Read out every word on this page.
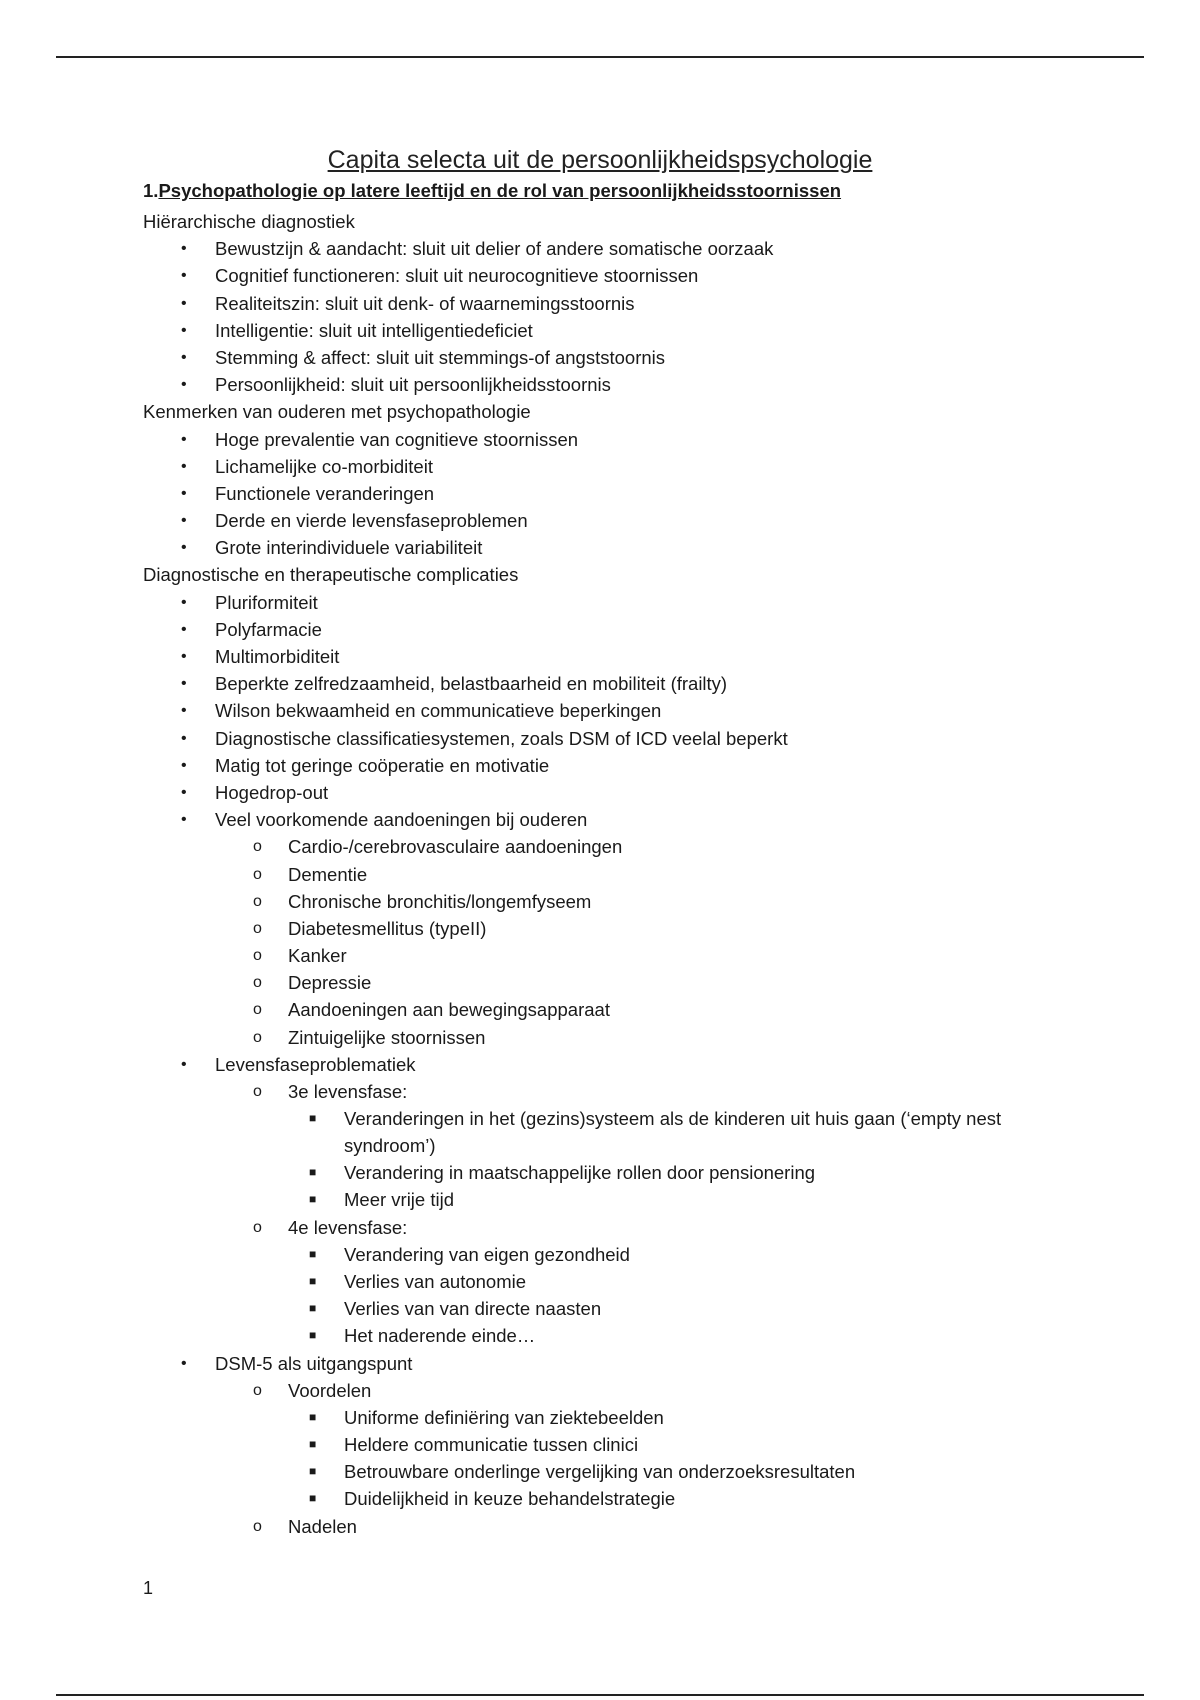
Capita selecta uit de persoonlijkheidspsychologie
1.Psychopathologie op latere leeftijd en de rol van persoonlijkheidsstoornissen
Hiërarchische diagnostiek
• Bewustzijn & aandacht: sluit uit delier of andere somatische oorzaak
• Cognitief functioneren: sluit uit neurocognitieve stoornissen
• Realiteitszin: sluit uit denk- of waarnemingsstoornis
• Intelligentie: sluit uit intelligentiedeficiet
• Stemming & affect: sluit uit stemmings-of angststoornis
• Persoonlijkheid: sluit uit persoonlijkheidsstoornis
Kenmerken van ouderen met psychopathologie
• Hoge prevalentie van cognitieve stoornissen
• Lichamelijke co-morbiditeit
• Functionele veranderingen
• Derde en vierde levensfaseproblemen
• Grote interindividuele variabiliteit
Diagnostische en therapeutische complicaties
• Pluriformiteit
• Polyfarmacie
• Multimorbiditeit
• Beperkte zelfredzaamheid, belastbaarheid en mobiliteit (frailty)
• Wilson bekwaamheid en communicatieve beperkingen
• Diagnostische classificatiesystemen, zoals DSM of ICD veelal beperkt
• Matig tot geringe coöperatie en motivatie
• Hogedrop-out
• Veel voorkomende aandoeningen bij ouderen
o Cardio-/cerebrovasculaire aandoeningen
o Dementie
o Chronische bronchitis/longemfyseem
o Diabetesmellitus (typeII)
o Kanker
o Depressie
o Aandoeningen aan bewegingsapparaat
o Zintuigelijke stoornissen
• Levensfaseproblematiek
o 3e levensfase:
■ Veranderingen in het (gezins)systeem als de kinderen uit huis gaan (‘empty nest syndroom’)
■ Verandering in maatschappelijke rollen door pensionering
■ Meer vrije tijd
o 4e levensfase:
■ Verandering van eigen gezondheid
■ Verlies van autonomie
■ Verlies van van directe naasten
■ Het naderende einde…
• DSM-5 als uitgangspunt
o Voordelen
■ Uniforme definiëring van ziektebeelden
■ Heldere communicatie tussen clinici
■ Betrouwbare onderlinge vergelijking van onderzoeksresultaten
■ Duidelijkheid in keuze behandelstrategie
o Nadelen
1
